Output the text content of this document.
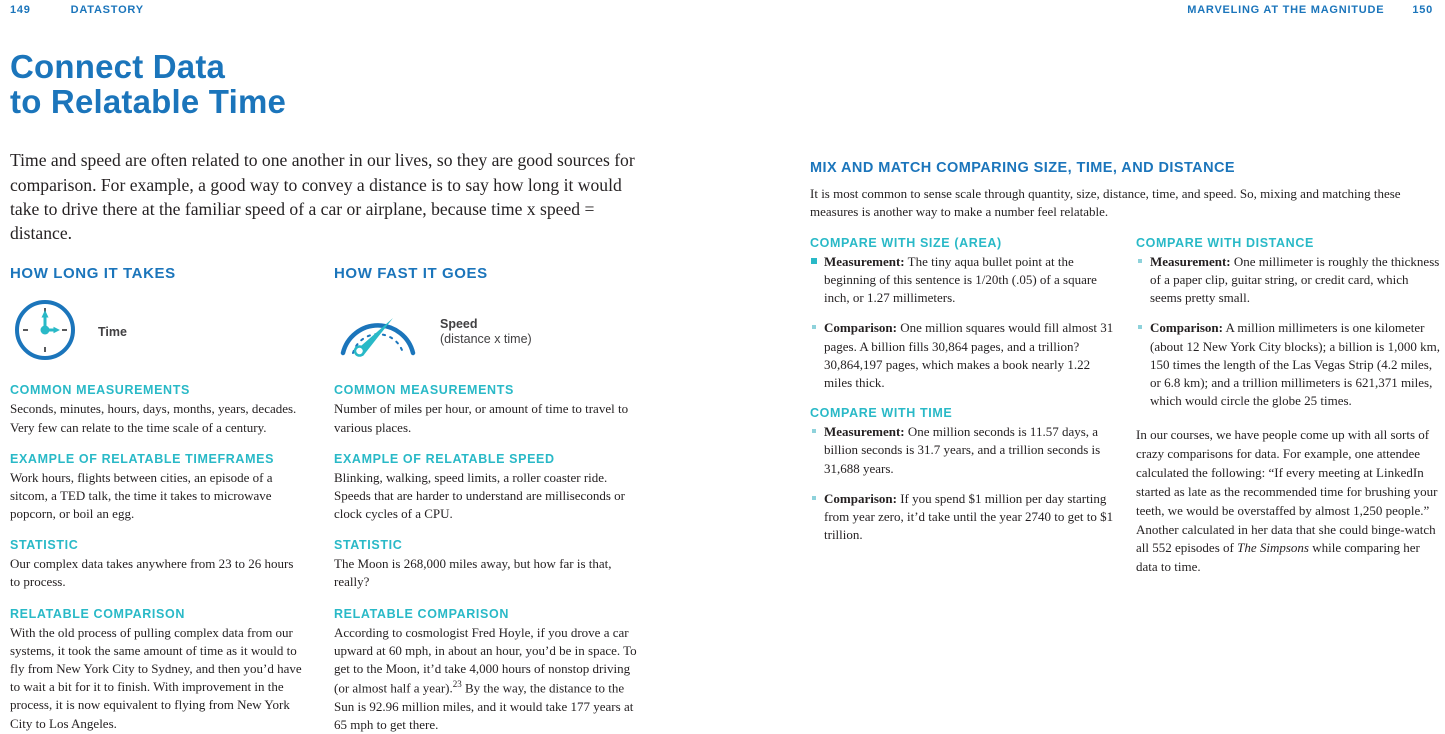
149	DATASTORY	MARVELING AT THE MAGNITUDE	150
Connect Data
to Relatable Time

Time and speed are often related to one another in our lives, so they are good sources for comparison. For example, a good way to convey a distance is to say how long it would take to drive there at the familiar speed of a car or airplane, because time x speed = distance.

HOW LONG IT TAKES
Time
COMMON MEASUREMENTS

Seconds, minutes, hours, days, months, years, decades. Very few can relate to the time scale of a century.

EXAMPLE OF RELATABLE TIMEFRAMES

Work hours, flights between cities, an episode of a sitcom, a TED talk, the time it takes to microwave popcorn, or boil an egg.

STATISTIC

Our complex data takes anywhere from 23 to 26 hours to process.

RELATABLE COMPARISON

With the old process of pulling complex data from our systems, it took the same amount of time as it would to fly from New York City to Sydney, and then you’d have to wait a bit for it to finish. With improvement in the process, it is now equivalent to flying from New York City to Los Angeles.

HOW FAST IT GOES
Speed
(distance x time)
COMMON MEASUREMENTS

Number of miles per hour, or amount of time to travel to various places.

EXAMPLE OF RELATABLE SPEED

Blinking, walking, speed limits, a roller coaster ride. Speeds that are harder to understand are milliseconds or clock cycles of a CPU.

STATISTIC

The Moon is 268,000 miles away, but how far is that, really?

RELATABLE COMPARISON

According to cosmologist Fred Hoyle, if you drove a car upward at 60 mph, in about an hour, you’d be in space. To get to the Moon, it’d take 4,000 hours of nonstop driving (or almost half a year).$^{23}$ By the way, the distance to the Sun is 92.96 million miles, and it would take 177 years at 65 mph to get there.

MIX AND MATCH COMPARING SIZE, TIME, AND DISTANCE

It is most common to sense scale through quantity, size, distance, time, and speed. So, mixing and matching these measures is another way to make a number feel relatable.

COMPARE WITH SIZE (AREA)

Measurement: The tiny aqua bullet point at the beginning of this sentence is 1/20th (.05) of a square inch, or 1.27 millimeters.

Comparison: One million squares would fill almost 31 pages. A billion fills 30,864 pages, and a trillion? 30,864,197 pages, which makes a book nearly 1.22 miles thick.

COMPARE WITH TIME

Measurement: One million seconds is 11.57 days, a billion seconds is 31.7 years, and a trillion seconds is 31,688 years.

Comparison: If you spend $1 million per day starting from year zero, it’d take until the year 2740 to get to $1 trillion.

COMPARE WITH DISTANCE

Measurement: One millimeter is roughly the thickness of a paper clip, guitar string, or credit card, which seems pretty small.

Comparison: A million millimeters is one kilometer (about 12 New York City blocks); a billion is 1,000 km, 150 times the length of the Las Vegas Strip (4.2 miles, or 6.8 km); and a trillion millimeters is 621,371 miles, which would circle the globe 25 times.

In our courses, we have people come up with all sorts of crazy comparisons for data. For example, one attendee calculated the following: “If every meeting at LinkedIn started as late as the recommended time for brushing your teeth, we would be overstaffed by almost 1,250 people.” Another calculated in her data that she could binge-watch all 552 episodes of The Simpsons while comparing her data to time.
